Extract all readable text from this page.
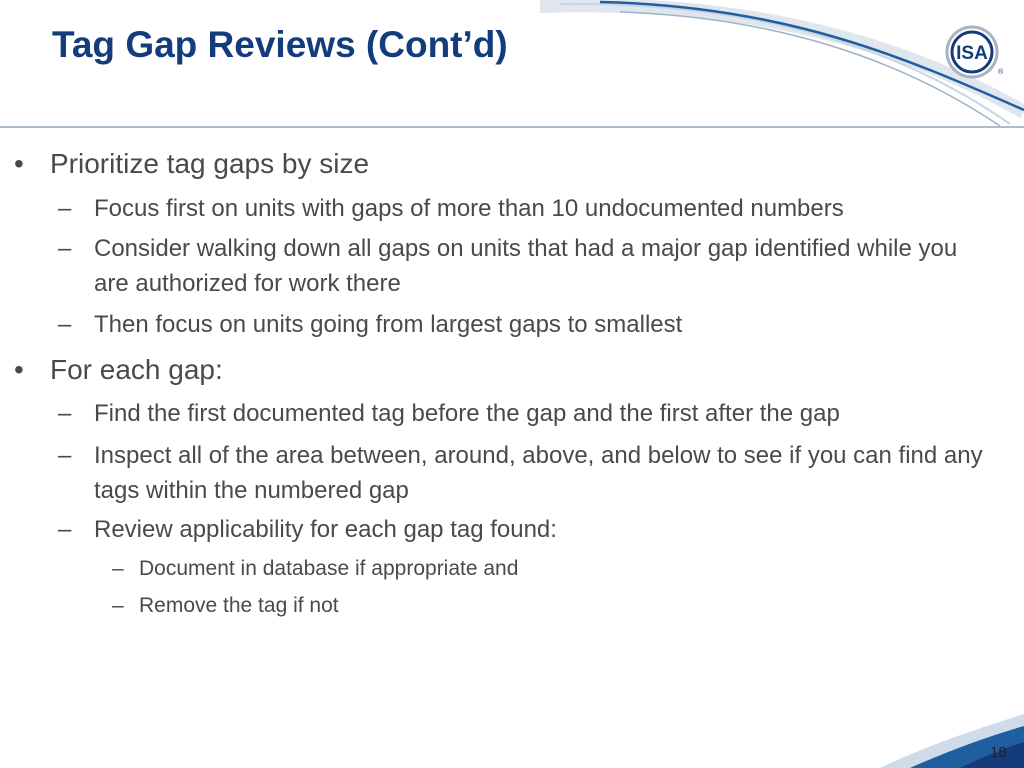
Tag Gap Reviews (Cont’d)	ISA
®
• Prioritize tag gaps by size
– Focus first on units with gaps of more than 10 undocumented numbers
– Consider walking down all gaps on units that had a major gap identified while you are authorized for work there
– Then focus on units going from largest gaps to smallest
• For each gap:
– Find the first documented tag before the gap and the first after the gap
– Inspect all of the area between, around, above, and below to see if you can find any tags within the numbered gap
– Review applicability for each gap tag found:
– Document in database if appropriate and
– Remove the tag if not
18
